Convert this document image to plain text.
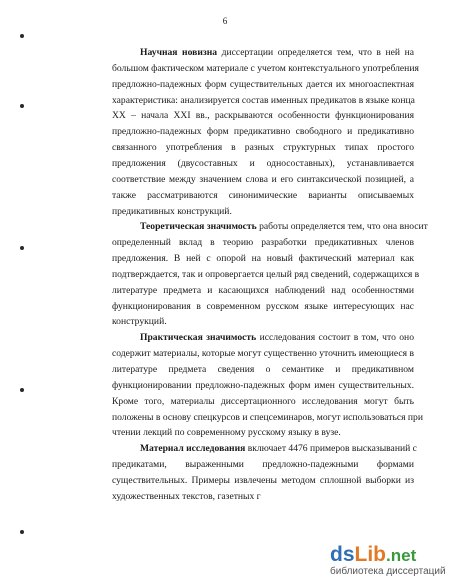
6
Научная новизна диссертации определяется тем, что в ней на
большом фактическом материале с учетом контекстуального употребления
предложно-падежных форм существительных дается их многоаспектная
характеристика: анализируется состав именных предикатов в языке конца
XX – начала XXI вв., раскрываются особенности функционирования
предложно-падежных форм предикативно свободного и предикативно
связанного употребления в разных структурных типах простого
предложения (двусоставных и односоставных), устанавливается
соответствие между значением слова и его синтаксической позицией, а
также рассматриваются синонимические варианты описываемых
предикативных конструкций.
Теоретическая значимость работы определяется тем, что она вносит
определенный вклад в теорию разработки предикативных членов
предложения. В ней с опорой на новый фактический материал как
подтверждается, так и опровергается целый ряд сведений, содержащихся в
литературе предмета и касающихся наблюдений над особенностями
функционирования в современном русском языке интересующих нас
конструкций.
Практическая значимость исследования состоит в том, что оно
содержит материалы, которые могут существенно уточнить имеющиеся в
литературе предмета сведения о семантике и предикативном
функционировании предложно-падежных форм имен существительных.
Кроме того, материалы диссертационного исследования могут быть
положены в основу спецкурсов и спецсеминаров, могут использоваться при
чтении лекций по современному русскому языку в вузе.
Материал исследования включает 4476 примеров высказываний с
предикатами, выраженными предложно-падежными формами
существительных. Примеры извлечены методом сплошной выборки из
художественных текстов, газетных г
dsLib.net
библиотека диссертаций
